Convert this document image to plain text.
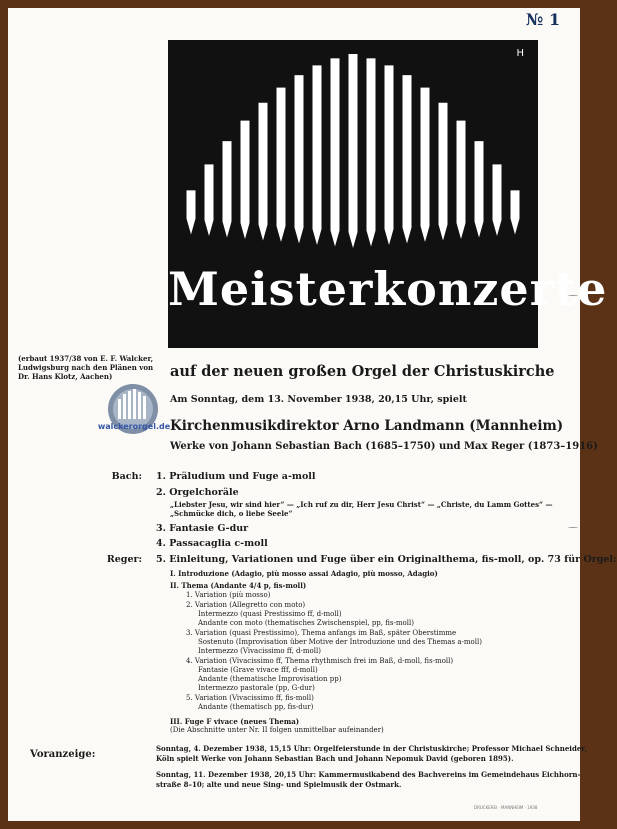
№ 1
H
Meisterkonzerte
(erbaut 1937/38 von E. F. Walcker,
Ludwigsburg nach den Plänen von
Dr. Hans Klotz, Aachen)
walckerorgel.de
auf der neuen großen Orgel der Christuskirche
Am Sonntag, dem 13. November 1938, 20,15 Uhr, spielt
Kirchenmusikdirektor Arno Landmann (Mannheim)
Werke von Johann Sebastian Bach (1685–1750) und Max Reger (1873–1916)
Bach: 1. Präludium und Fuge a-moll
2. Orgelchoräle
„Liebster Jesu, wir sind hier“ — „Ich ruf zu dir, Herr Jesu Christ“ — „Christe, du Lamm Gottes“ —
„Schmücke dich, o liebe Seele“
3. Fantasie G-dur
4. Passacaglia c-moll
Reger: 5. Einleitung, Variationen und Fuge über ein Originalthema, fis-moll, op. 73 für Orgel:
I. Introduzione (Adagio, più mosso assai Adagio, più mosso, Adagio)
II. Thema (Andante 4/4 p, fis-moll)
1. Variation (più mosso)
2. Variation (Allegretto con moto)
Intermezzo (quasi Prestissimo ff, d-moll)
Andante con moto (thematisches Zwischenspiel, pp, fis-moll)
3. Variation (quasi Prestissimo), Thema anfangs im Baß, später Oberstimme
Sostenuto (Improvisation über Motive der Introduzione und des Themas a-moll)
Intermezzo (Vivacissimo ff, d-moll)
4. Variation (Vivacissimo ff, Thema rhythmisch frei im Baß, d-moll, fis-moll)
Fantasie (Grave vivace fff, d-moll)
Andante (thematische Improvisation pp)
Intermezzo pastorale (pp, G-dur)
5. Variation (Vivacissimo ff, fis-moll)
Andante (thematisch pp, fis-dur)
III. Fuge F vivace (neues Thema)
(Die Abschnitte unter Nr. II folgen unmittelbar aufeinander)
Voranzeige:
Sonntag, 4. Dezember 1938, 15,15 Uhr: Orgelfeierstunde in der Christuskirche; Professor Michael Schneider,
Köln spielt Werke von Johann Sebastian Bach und Johann Nepomuk David (geboren 1895).
Sonntag, 11. Dezember 1938, 20,15 Uhr: Kammermusikabend des Bachvereins im Gemeindehaus Eichhorn-
straße 8–10; alte und neue Sing- und Spielmusik der Ostmark.
DRUCKEREI · MANNHEIM · 1938
